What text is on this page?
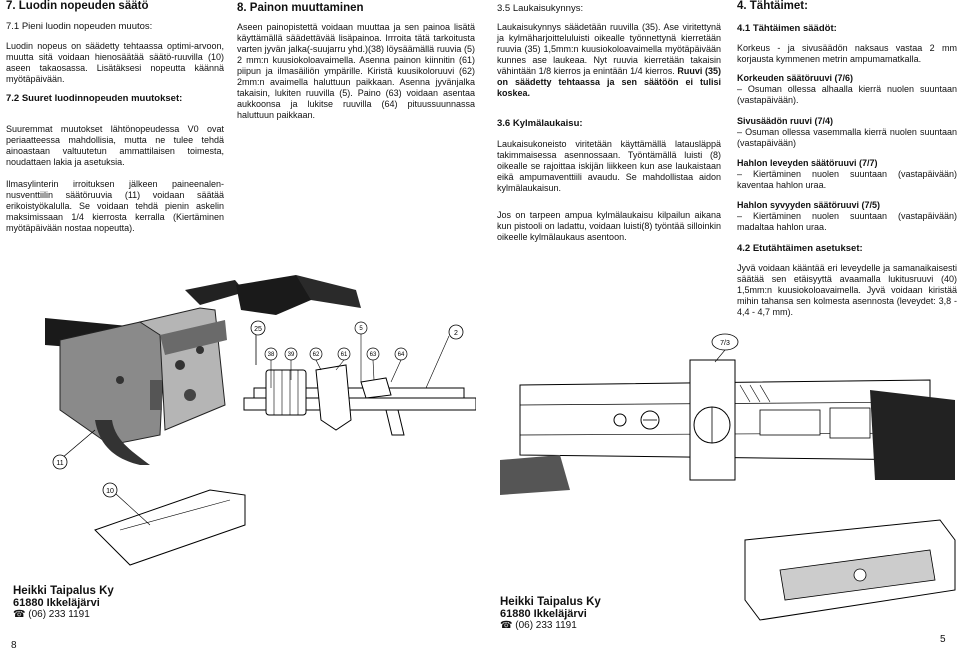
7. Luodin nopeuden säätö
7.1 Pieni luodin nopeuden muutos:
Luodin nopeus on säädetty tehtaassa optimi-arvoon, muutta sitä voidaan hienosäätää säätö-ruuvilla (10) aseen takaosassa. Lisätäksesi nopeutta käännä myötäpäivään.
7.2 Suuret luodinnopeuden muutokset:
Suuremmat muutokset lähtönopeudessa V0 ovat periaatteessa mahdollisia, mutta ne tulee tehdä ainoastaan valtuutetun ammattilaisen toimesta, noudattaen lakia ja asetuksia.
Ilmasylinterin irroituksen jälkeen paineenalen-nusventtiilin säätöruuvia (11) voidaan säätää erikoistyökalulla. Se voidaan tehdä pienin askelin maksimissaan 1/4 kierrosta kerralla (Kiertäminen myötäpäivään nostaa nopeutta).
8. Painon muuttaminen
Aseen painopistettä voidaan muuttaa ja sen painoa lisätä käyttämällä säädettävää lisäpainoa. Irrroita tätä tarkoitusta varten jyvän jalka(-suujarru yhd.)(38) löysäämällä ruuvia (5) 2 mm:n kuusiokoloavaimella. Asenna painon kiinnitin (61) piipun ja ilmasäiliön ympärille. Kiristä kuusikoloruuvi (62) 2mm:n avaimella haluttuun paikkaan. Asenna jyvänjalka takaisin, lukiten ruuvilla (5). Paino (63) voidaan asentaa aukkoonsa ja lukitse ruuvilla (64) pituussuunnassa haluttuun paikkaan.
11
39
38
2
62	61	63	64
5
25
10
Heikki Taipalus Ky
61880 Ikkeläjärvi
☎ (06) 233 1191
8
3.5 Laukaisukynnys:
Laukaisukynnys säädetään ruuvilla (35). Ase viritettynä ja kylmäharjoitteluluisti oikealle työnnettynä kierretään ruuvia (35) 1,5mm:n kuusiokoloavaimella myötäpäivään kunnes ase laukeaa. Nyt ruuvia kierretään takaisin vähintään 1/8 kierros ja enintään 1/4 kierros. Ruuvi (35) on säädetty tehtaassa ja sen säätöön ei tulisi koskea.
3.6 Kylmälaukaisu:
Laukaisukoneisto viritetään käyttämällä latausläppä takimmaisessa asennossaan. Työntämällä luisti (8) oikealle se rajoittaa iskijän liikkeen kun ase laukaistaan eikä ampumaventtiili avaudu. Se mahdollistaa aidon kylmälaukaisun.
Jos on tarpeen ampua kylmälaukaisu kilpailun aikana kun pistooli on ladattu, voidaan luisti(8) työntää silloinkin oikeelle kylmälaukaus asentoon.
4. Tähtäimet:
4.1 Tähtäimen säädöt:
Korkeus - ja sivusäädön naksaus vastaa 2 mm korjausta kymmenen metrin ampumamatkalla.
Korkeuden säätöruuvi (7/6)
– Osuman ollessa alhaalla kierrä nuolen suuntaan (vastapäivään).
Sivusäädön ruuvi (7/4)
– Osuman ollessa vasemmalla kierrä nuolen suuntaan (vastapäivään)
Hahlon leveyden säätöruuvi (7/7)
– Kiertäminen nuolen suuntaan (vastapäivään) kaventaa hahlon uraa.
Hahlon syvyyden säätöruuvi (7/5)
– Kiertäminen nuolen suuntaan (vastapäivään) madaltaa hahlon uraa.
4.2 Etutähtäimen asetukset:
Jyvä voidaan kääntää eri leveydelle ja samanaikaisesti säätää sen etäisyyttä avaamalla lukitusruuvi (40) 1,5mm:n kuusiokoloavaimella. Jyvä voidaan kiristää mihin tahansa sen kolmesta asennosta (leveydet: 3,8 - 4,4 - 4,7 mm).
7/3
Heikki Taipalus Ky
61880 Ikkeläjärvi
☎ (06) 233 1191
5
